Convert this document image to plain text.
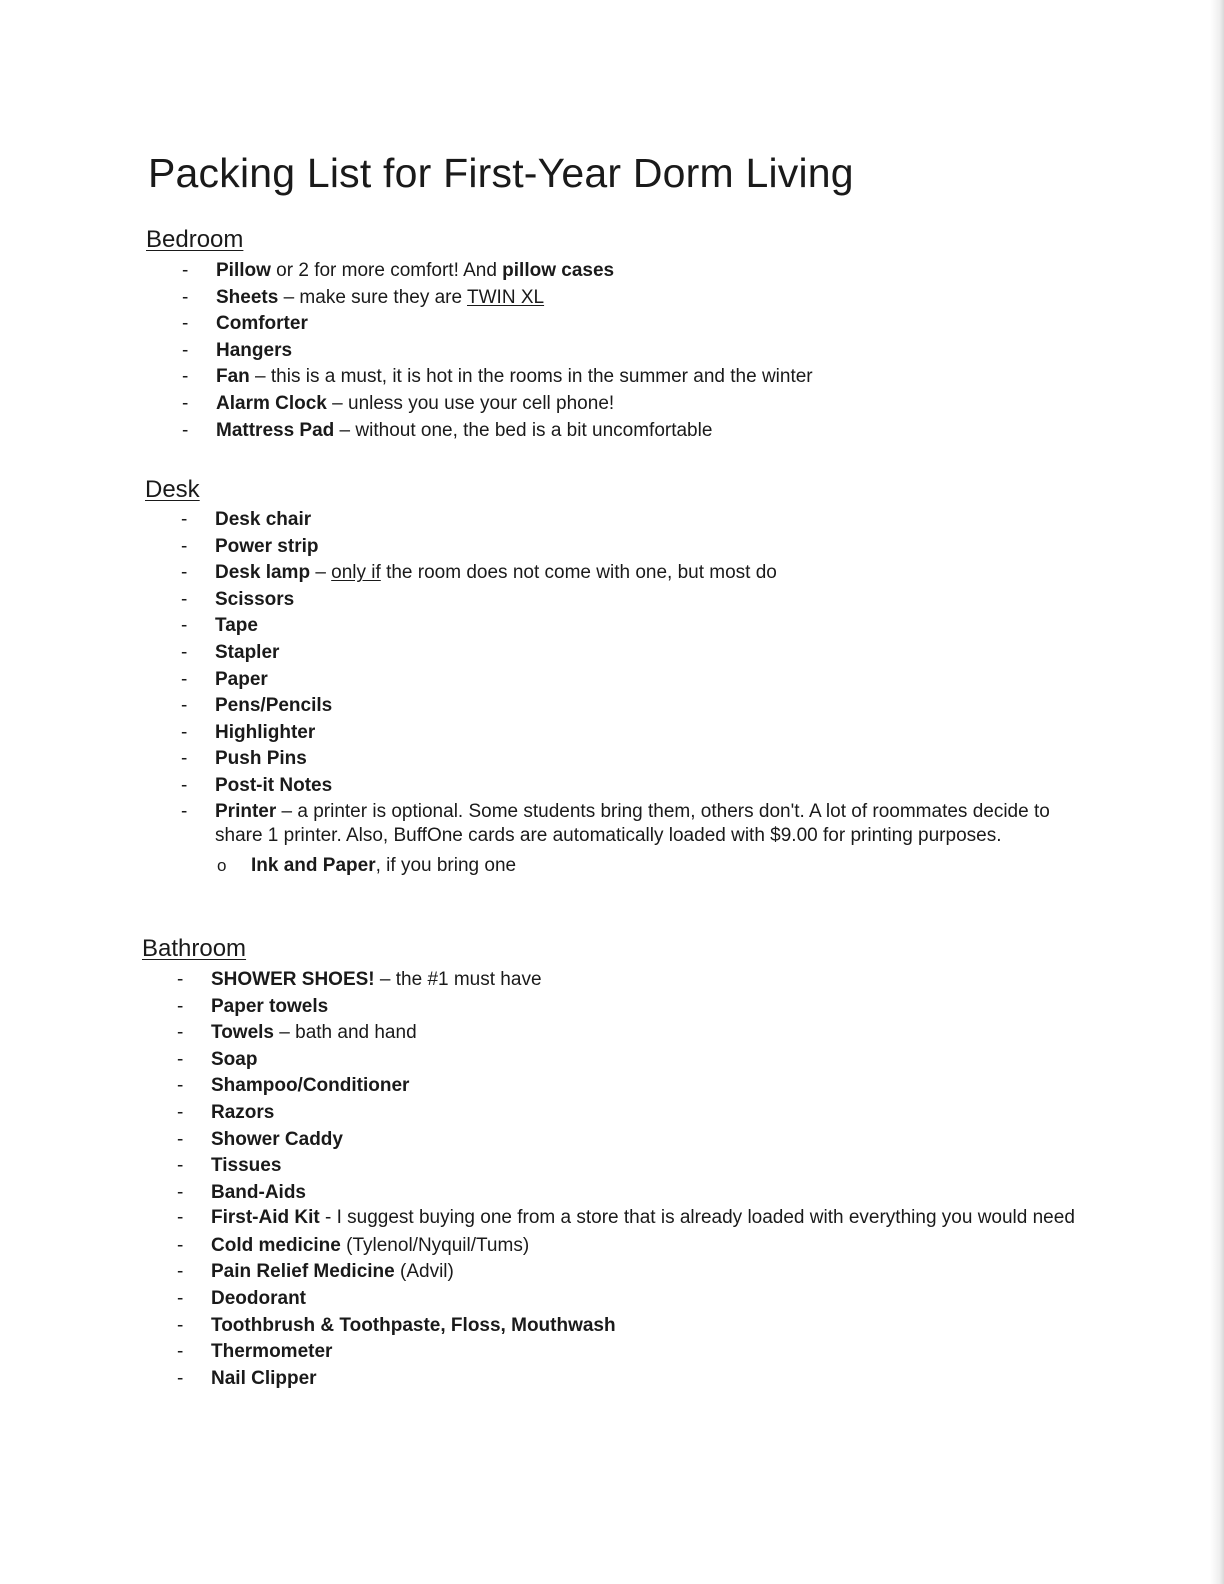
Packing List for First-Year Dorm Living
Bedroom
- Pillow or 2 for more comfort! And pillow cases
- Sheets – make sure they are TWIN XL
- Comforter
- Hangers
- Fan – this is a must, it is hot in the rooms in the summer and the winter
- Alarm Clock – unless you use your cell phone!
- Mattress Pad – without one, the bed is a bit uncomfortable
Desk
- Desk chair
- Power strip
- Desk lamp – only if the room does not come with one, but most do
- Scissors
- Tape
- Stapler
- Paper
- Pens/Pencils
- Highlighter
- Push Pins
- Post-it Notes
- Printer – a printer is optional. Some students bring them, others don't. A lot of roommates decide to share 1 printer. Also, BuffOne cards are automatically loaded with $9.00 for printing purposes.
o Ink and Paper, if you bring one
Bathroom
- SHOWER SHOES! – the #1 must have
- Paper towels
- Towels – bath and hand
- Soap
- Shampoo/Conditioner
- Razors
- Shower Caddy
- Tissues
- Band-Aids
- First-Aid Kit - I suggest buying one from a store that is already loaded with everything you would need
- Cold medicine (Tylenol/Nyquil/Tums)
- Pain Relief Medicine (Advil)
- Deodorant
- Toothbrush & Toothpaste, Floss, Mouthwash
- Thermometer
- Nail Clipper
